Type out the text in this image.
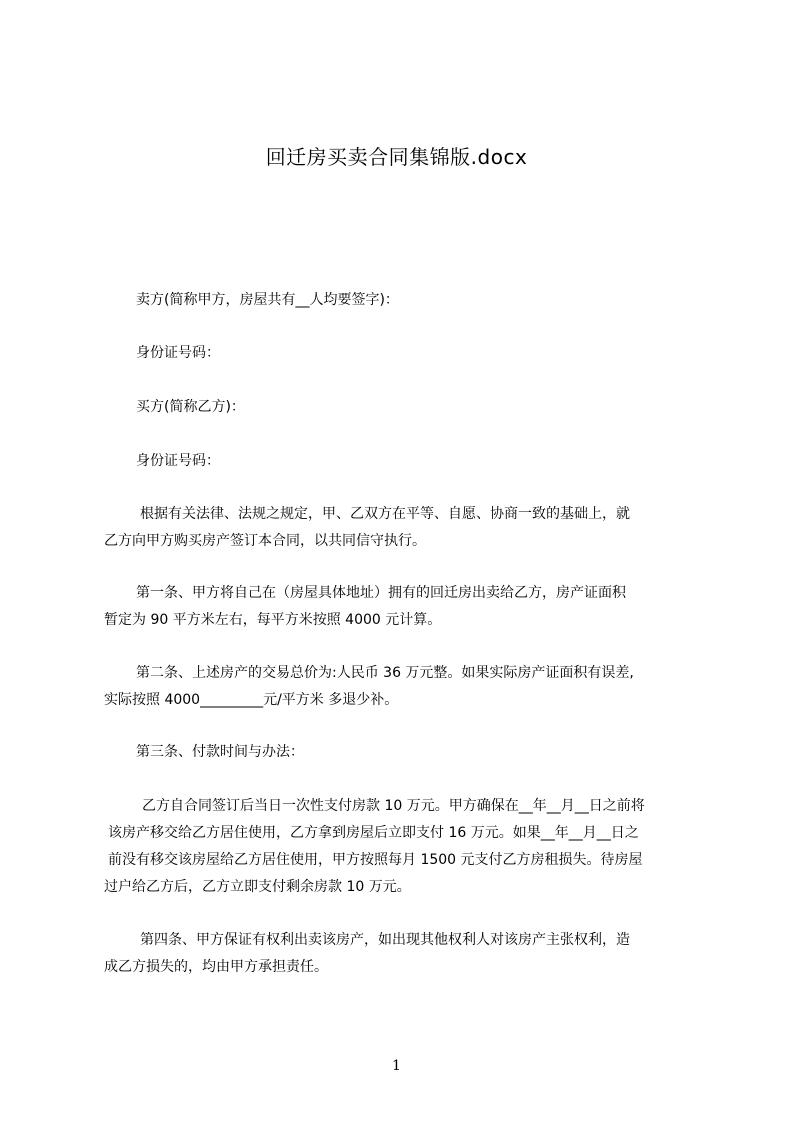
回迁房买卖合同集锦版.docx
卖方(简称甲方，房屋共有__人均要签字)：
身份证号码：
买方(简称乙方)：
身份证号码：
根据有关法律、法规之规定，甲、乙双方在平等、自愿、协商一致的基础上，就
乙方向甲方购买房产签订本合同，以共同信守执行。
第一条、甲方将自己在（房屋具体地址）拥有的回迁房出卖给乙方，房产证面积
暂定为 90 平方米左右，每平方米按照 4000 元计算。
第二条、上述房产的交易总价为:人民币 36 万元整。如果实际房产证面积有误差,
实际按照 4000_________元/平方米 多退少补。
第三条、付款时间与办法：
乙方自合同签订后当日一次性支付房款 10 万元。甲方确保在__年__月__日之前将
该房产移交给乙方居住使用，乙方拿到房屋后立即支付 16 万元。如果__年__月__日之
前没有移交该房屋给乙方居住使用，甲方按照每月 1500 元支付乙方房租损失。待房屋
过户给乙方后，乙方立即支付剩余房款 10 万元。
第四条、甲方保证有权利出卖该房产，如出现其他权利人对该房产主张权利，造
成乙方损失的，均由甲方承担责任。
1
